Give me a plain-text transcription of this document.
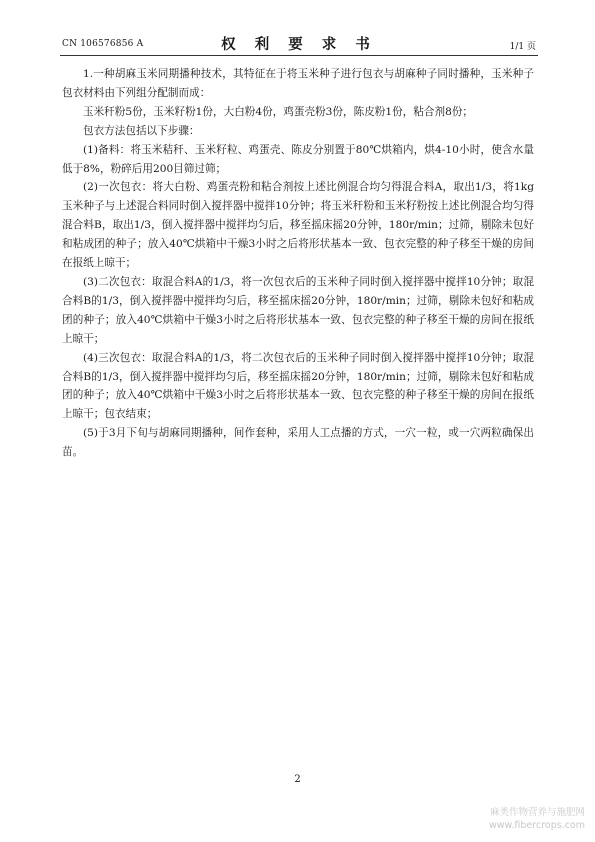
CN 106576856 A	权 利 要 求 书	1/1 页

1.一种胡麻玉米同期播种技术，其特征在于将玉米种子进行包衣与胡麻种子同时播种，玉米种子包衣材料由下列组分配制而成：

玉米秆粉5份，玉米籽粉1份，大白粉4份，鸡蛋壳粉3份，陈皮粉1份，粘合剂8份；

包衣方法包括以下步骤：

(1)备料：将玉米秸秆、玉米籽粒、鸡蛋壳、陈皮分别置于80℃烘箱内，烘4-10小时，使含水量低于8%，粉碎后用200目筛过筛；

(2)一次包衣：将大白粉、鸡蛋壳粉和粘合剂按上述比例混合均匀得混合料A，取出1/3，将1kg玉米种子与上述混合料同时倒入搅拌器中搅拌10分钟；将玉米秆粉和玉米籽粉按上述比例混合均匀得混合料B，取出1/3，倒入搅拌器中搅拌均匀后，移至摇床摇20分钟，180r/min；过筛，剔除未包好和粘成团的种子；放入40℃烘箱中干燥3小时之后将形状基本一致、包衣完整的种子移至干燥的房间在报纸上晾干；

(3)二次包衣：取混合料A的1/3，将一次包衣后的玉米种子同时倒入搅拌器中搅拌10分钟；取混合料B的1/3，倒入搅拌器中搅拌均匀后，移至摇床摇20分钟，180r/min；过筛，剔除未包好和粘成团的种子；放入40℃烘箱中干燥3小时之后将形状基本一致、包衣完整的种子移至干燥的房间在报纸上晾干；

(4)三次包衣：取混合料A的1/3，将二次包衣后的玉米种子同时倒入搅拌器中搅拌10分钟；取混合料B的1/3，倒入搅拌器中搅拌均匀后，移至摇床摇20分钟，180r/min；过筛，剔除未包好和粘成团的种子；放入40℃烘箱中干燥3小时之后将形状基本一致、包衣完整的种子移至干燥的房间在报纸上晾干；包衣结束；

(5)于3月下旬与胡麻同期播种，间作套种，采用人工点播的方式，一穴一粒，或一穴两粒确保出苗。

2
麻类作物营养与施肥网
www.fibercrops.com
